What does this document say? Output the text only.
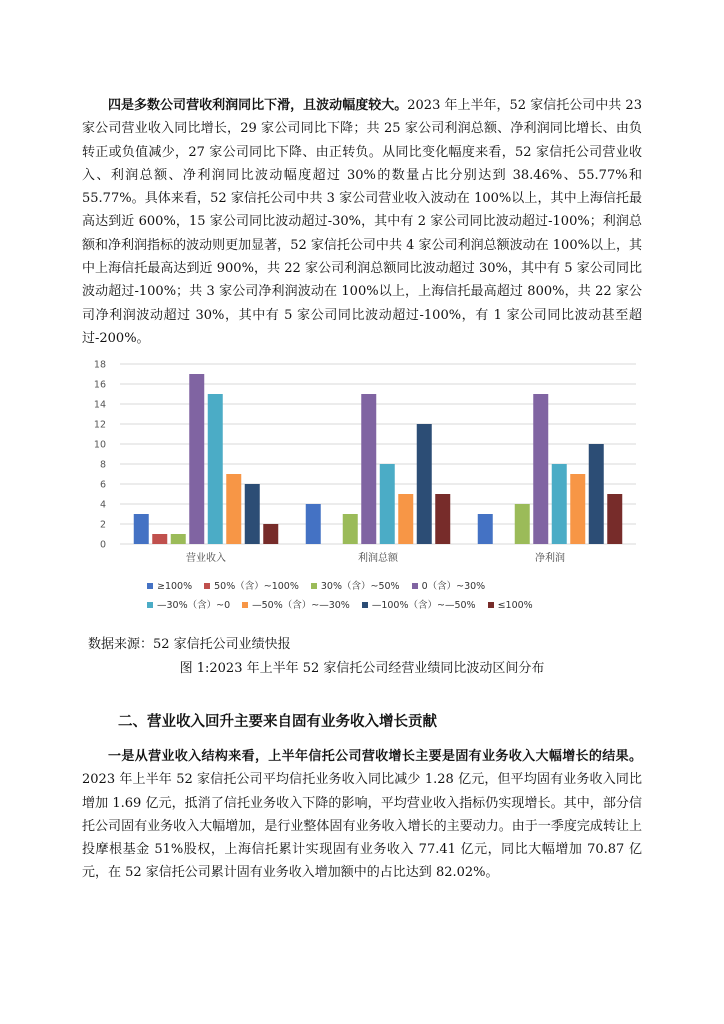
四是多数公司营收利润同比下滑，且波动幅度较大。2023 年上半年，52 家信托公司中共 23 家公司营业收入同比增长，29 家公司同比下降；共 25 家公司利润总额、净利润同比增长、由负转正或负值减少，27 家公司同比下降、由正转负。从同比变化幅度来看，52 家信托公司营业收入、利润总额、净利润同比波动幅度超过 30%的数量占比分别达到 38.46%、55.77%和 55.77%。具体来看，52 家信托公司中共 3 家公司营业收入波动在 100%以上，其中上海信托最高达到近 600%，15 家公司同比波动超过-30%，其中有 2 家公司同比波动超过-100%；利润总额和净利润指标的波动则更加显著，52 家信托公司中共 4 家公司利润总额波动在 100%以上，其中上海信托最高达到近 900%，共 22 家公司利润总额同比波动超过 30%，其中有 5 家公司同比波动超过-100%；共 3 家公司净利润波动在 100%以上，上海信托最高超过 800%，共 22 家公司净利润波动超过 30%，其中有 5 家公司同比波动超过-100%，有 1 家公司同比波动甚至超过-200%。

0
2
4
6
8
10
12
14
16
18
营业收入	利润总额	净利润
≥100% 50%（含）~100% 30%（含）~50% 0（含）~30%
—30%（含）~0 —50%（含）~—30% —100%（含）~—50% ≤100%
数据来源：52 家信托公司业绩快报
图 1:2023 年上半年 52 家信托公司经营业绩同比波动区间分布
二、营业收入回升主要来自固有业务收入增长贡献

一是从营业收入结构来看，上半年信托公司营收增长主要是固有业务收入大幅增长的结果。2023 年上半年 52 家信托公司平均信托业务收入同比减少 1.28 亿元，但平均固有业务收入同比增加 1.69 亿元，抵消了信托业务收入下降的影响，平均营业收入指标仍实现增长。其中，部分信托公司固有业务收入大幅增加，是行业整体固有业务收入增长的主要动力。由于一季度完成转让上投摩根基金 51%股权，上海信托累计实现固有业务收入 77.41 亿元，同比大幅增加 70.87 亿元，在 52 家信托公司累计固有业务收入增加额中的占比达到 82.02%。
